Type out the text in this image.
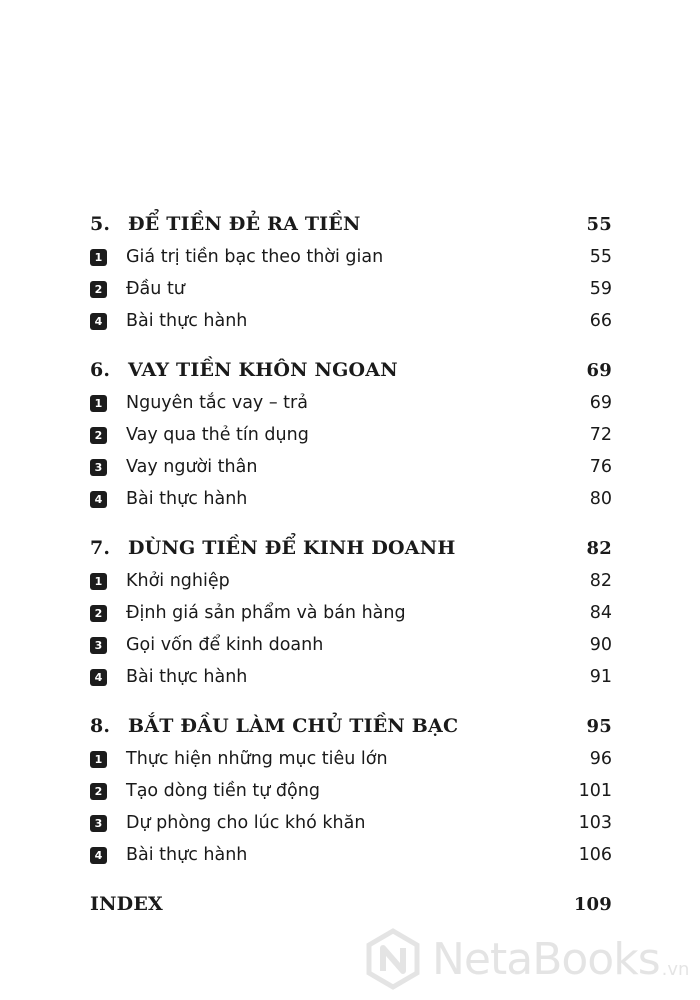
5. ĐỂ TIỀN ĐẺ RA TIỀN	55
1 Giá trị tiền bạc theo thời gian	55
2 Đầu tư	59
4 Bài thực hành	66
6. VAY TIỀN KHÔN NGOAN	69
1 Nguyên tắc vay – trả	69
2 Vay qua thẻ tín dụng	72
3 Vay người thân	76
4 Bài thực hành	80
7. DÙNG TIỀN ĐỂ KINH DOANH	82
1 Khởi nghiệp	82
2 Định giá sản phẩm và bán hàng	84
3 Gọi vốn để kinh doanh	90
4 Bài thực hành	91
8. BẮT ĐẦU LÀM CHỦ TIỀN BẠC	95
1 Thực hiện những mục tiêu lớn	96
2 Tạo dòng tiền tự động	101
3 Dự phòng cho lúc khó khăn	103
4 Bài thực hành	106
INDEX	109
NetaBooks .vn
